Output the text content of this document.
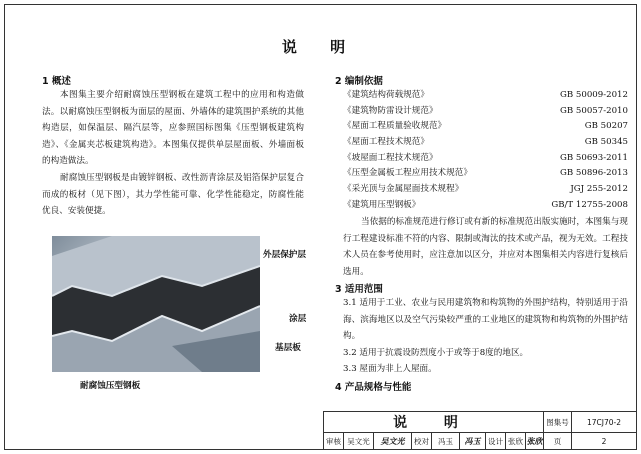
说 明
1 概述
本图集主要介绍耐腐蚀压型钢板在建筑工程中的应用和构造做法。以耐腐蚀压型钢板为面层的屋面、外墙体的建筑围护系统的其他构造层，如保温层、隔汽层等，应参照国标图集《压型钢板建筑构造》、《金属夹芯板建筑构造》。本图集仅提供单层屋面板、外墙面板的构造做法。
耐腐蚀压型钢板是由镀锌钢板、改性沥青涂层及铝箔保护层复合而成的板材（见下图），其力学性能可靠、化学性能稳定，防腐性能优良、安装便捷。
外层保护层
涂层
基层板
耐腐蚀压型钢板
2 编制依据
《建筑结构荷载规范》	GB 50009-2012
《建筑物防雷设计规范》	GB 50057-2010
《屋面工程质量验收规范》	GB 50207
《屋面工程技术规范》	GB 50345
《坡屋面工程技术规范》	GB 50693-2011
《压型金属板工程应用技术规范》	GB 50896-2013
《采光顶与金属屋面技术规程》	JGJ 255-2012
《建筑用压型钢板》	GB/T 12755-2008
当依据的标准规范进行修订或有新的标准规范出版实施时，本图集与现行工程建设标准不符的内容、限制或淘汰的技术或产品，视为无效。工程技术人员在参考使用时，应注意加以区分，并应对本图集相关内容进行复核后选用。
3 适用范围
3.1 适用于工业、农业与民用建筑物和构筑物的外围护结构，特别适用于沿海、滨海地区以及空气污染较严重的工业地区的建筑物和构筑物的外围护结构。
3.2 适用于抗震设防烈度小于或等于8度的地区。
3.3 屋面为非上人屋面。
4 产品规格与性能
说 明	图集号	17CJ70-2
审核 吴文光	吴文光	校对	冯玉	冯玉	设计 张欣 张欣	页	2
